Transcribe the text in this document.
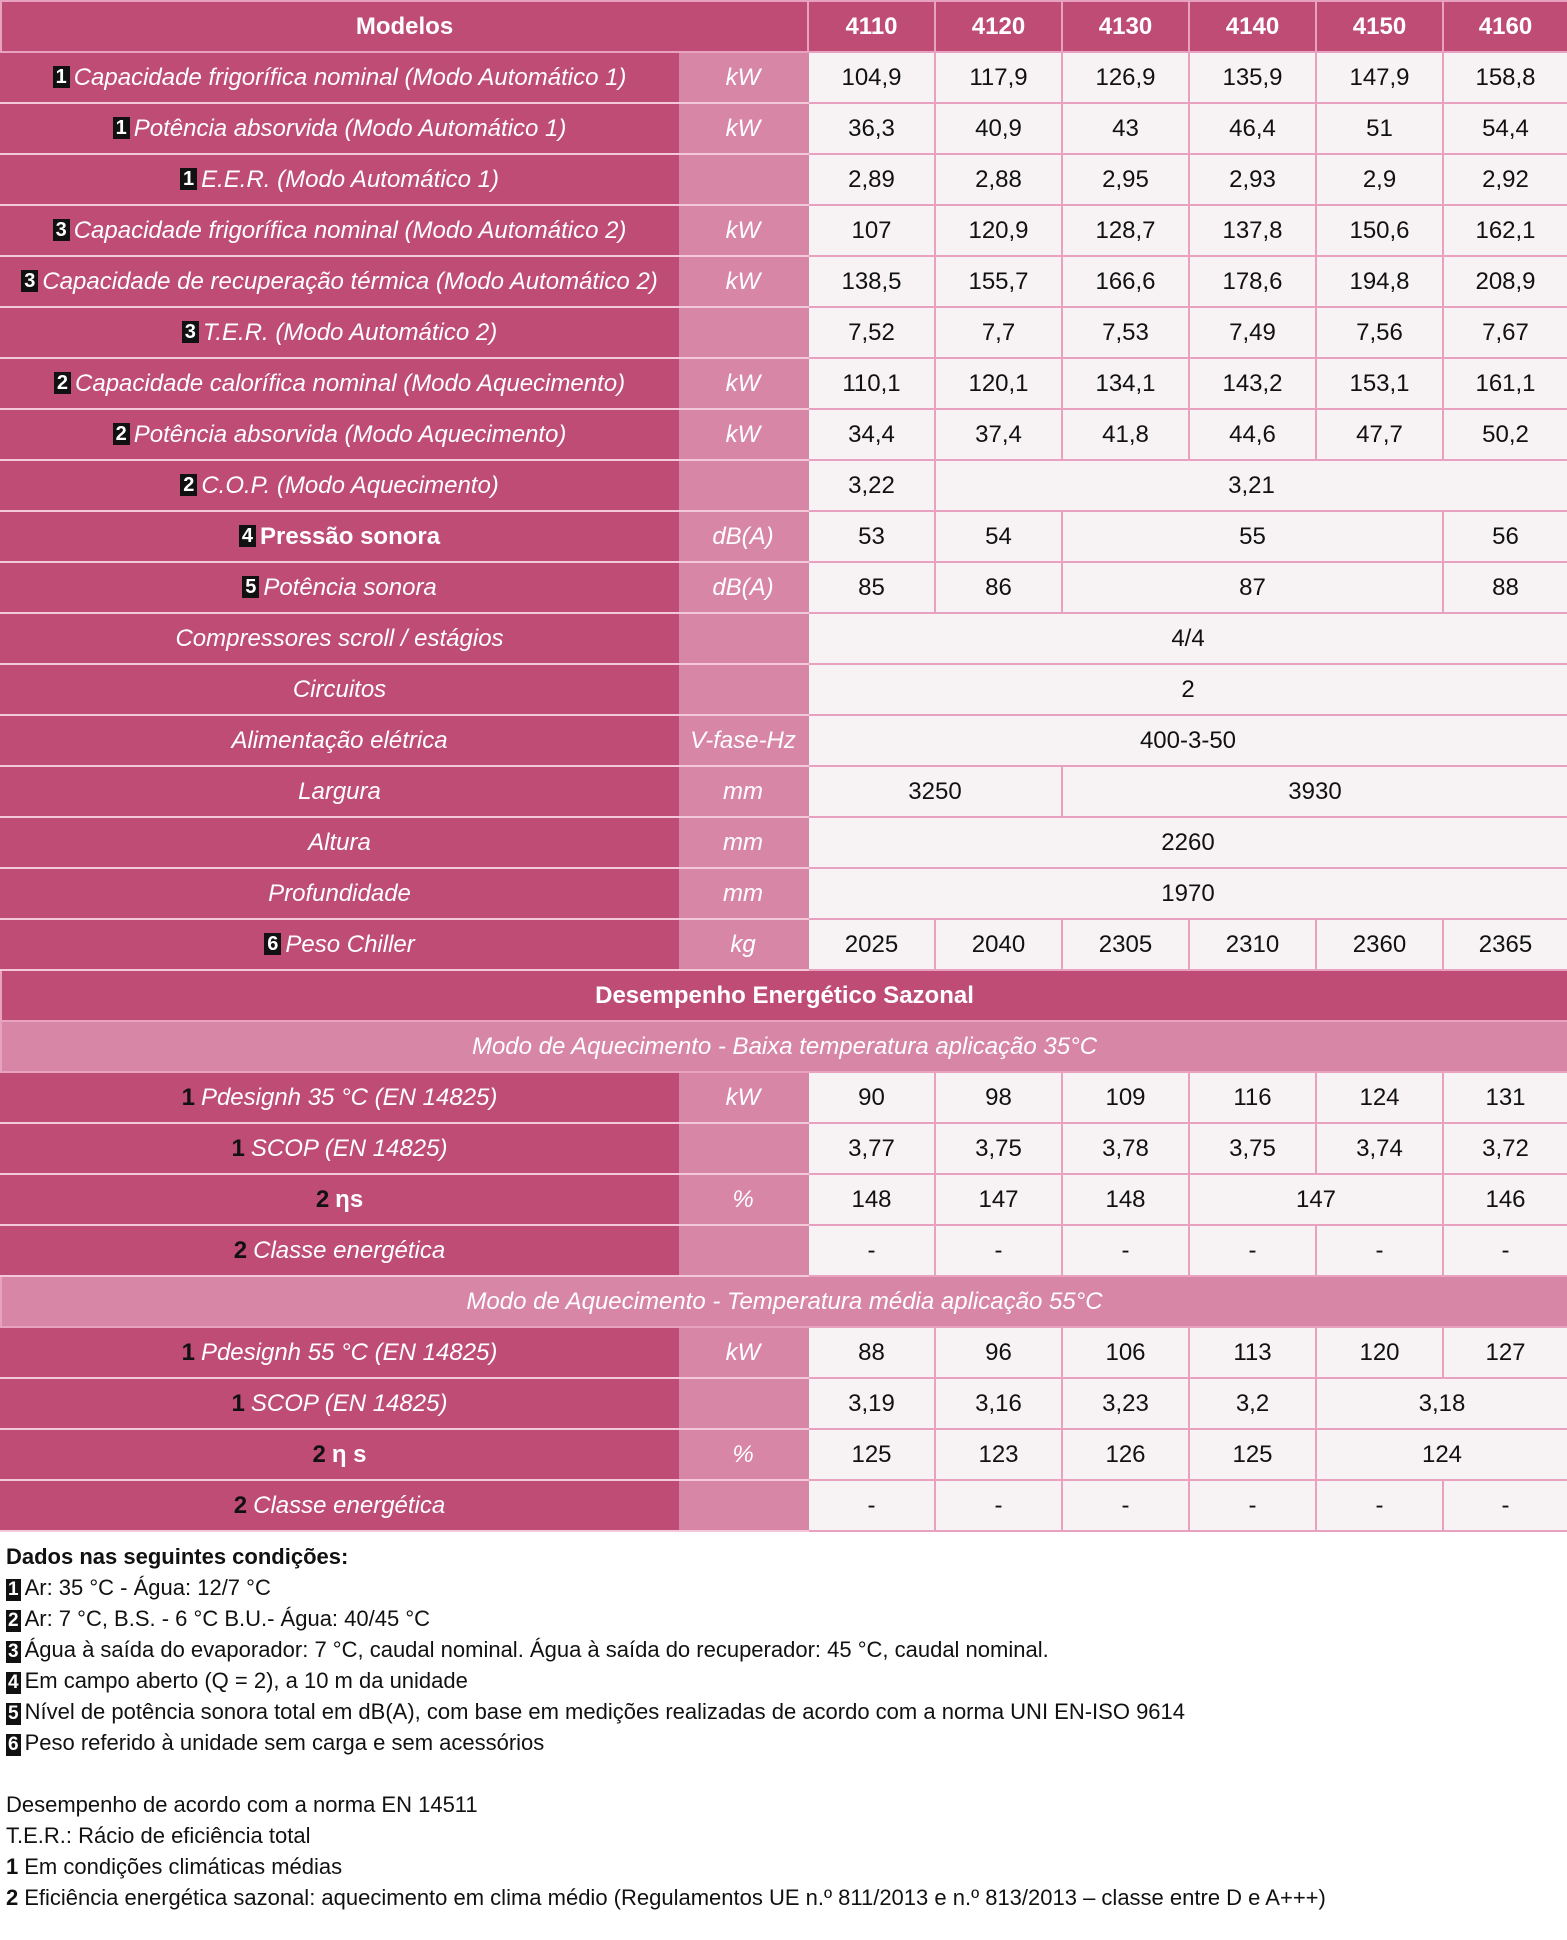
Modelos		4110	4120	4130	4140	4150	4160
1 Capacidade frigorífica nominal (Modo Automático 1)	kW	104,9	117,9	126,9	135,9	147,9	158,8
1 Potência absorvida (Modo Automático 1)	kW	36,3	40,9	43	46,4	51	54,4
1 E.E.R. (Modo Automático 1)		2,89	2,88	2,95	2,93	2,9	2,92
3 Capacidade frigorífica nominal (Modo Automático 2)	kW	107	120,9	128,7	137,8	150,6	162,1
3 Capacidade de recuperação térmica (Modo Automático 2)	kW	138,5	155,7	166,6	178,6	194,8	208,9
3 T.E.R. (Modo Automático 2)		7,52	7,7	7,53	7,49	7,56	7,67
2 Capacidade calorífica nominal (Modo Aquecimento)	kW	110,1	120,1	134,1	143,2	153,1	161,1
2 Potência absorvida (Modo Aquecimento)	kW	34,4	37,4	41,8	44,6	47,7	50,2
2 C.O.P. (Modo Aquecimento)		3,22	3,21				
4 Pressão sonora	dB(A)	53	54	55			56
5 Potência sonora	dB(A)	85	86	87			88
Compressores scroll / estágios		4/4					
Circuitos		2					
Alimentação elétrica	V-fase-Hz	400-3-50					
Largura	mm	3250		3930			
Altura	mm	2260					
Profundidade	mm	1970					
6 Peso Chiller	kg	2025	2040	2305	2310	2360	2365
Desempenho Energético Sazonal							
Modo de Aquecimento - Baixa temperatura aplicação 35°C							
1 Pdesignh 35 °C (EN 14825)	kW	90	98	109	116	124	131
1 SCOP (EN 14825)		3,77	3,75	3,78	3,75	3,74	3,72
2 ηs	%	148	147	148	147		146
2 Classe energética		-	-	-	-	-	-
Modo de Aquecimento - Temperatura média aplicação 55°C							
1 Pdesignh 55 °C (EN 14825)	kW	88	96	106	113	120	127
1 SCOP (EN 14825)		3,19	3,16	3,23	3,2	3,18	
2 η s	%	125	123	126	125	124	
2 Classe energética		-	-	-	-	-	-
Dados nas seguintes condições:
1 Ar: 35 °C - Água: 12/7 °C
2 Ar: 7 °C, B.S. - 6 °C B.U.- Água: 40/45 °C
3 Água à saída do evaporador: 7 °C, caudal nominal. Água à saída do recuperador: 45 °C, caudal nominal.
4 Em campo aberto (Q = 2), a 10 m da unidade
5 Nível de potência sonora total em dB(A), com base em medições realizadas de acordo com a norma UNI EN-ISO 9614
6 Peso referido à unidade sem carga e sem acessórios
Desempenho de acordo com a norma EN 14511
T.E.R.: Rácio de eficiência total
1 Em condições climáticas médias
2 Eficiência energética sazonal: aquecimento em clima médio (Regulamentos UE n.º 811/2013 e n.º 813/2013 – classe entre D e A+++)
